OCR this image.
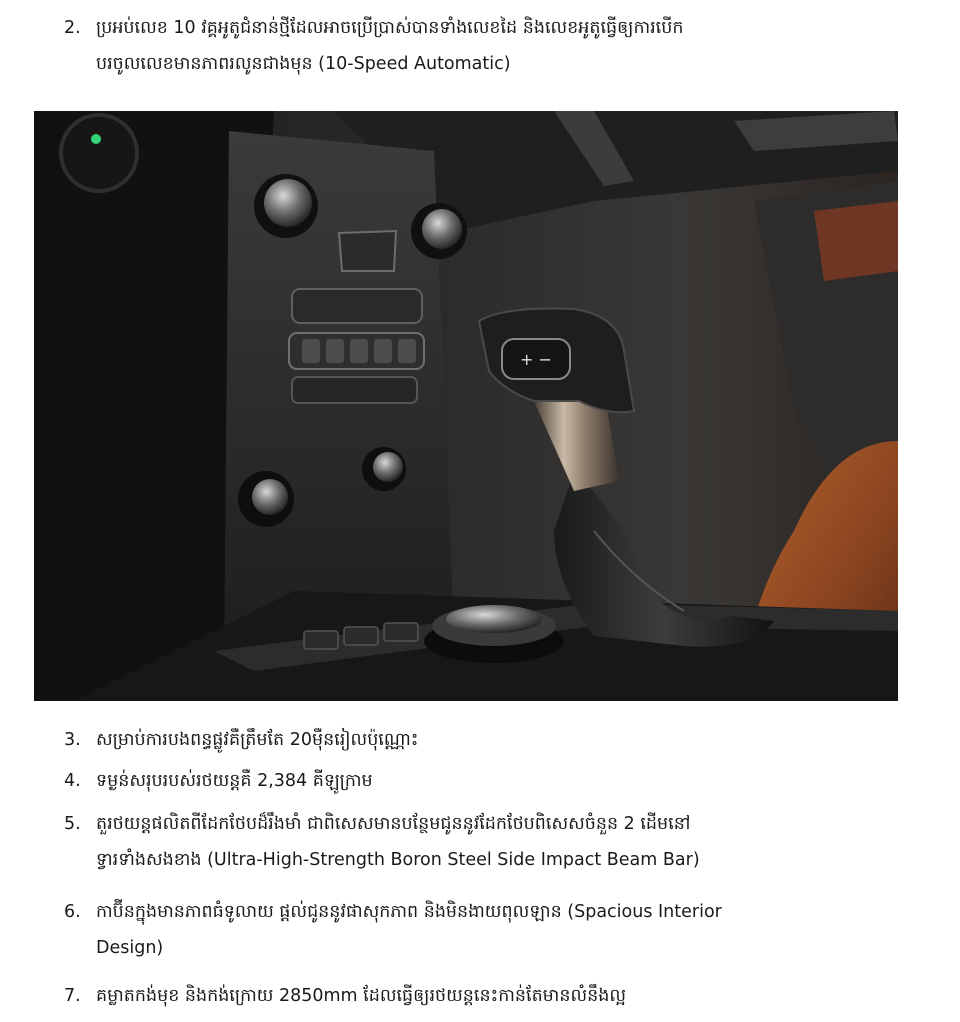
2. ប្រអប់លេខ 10 វគ្គអូតូជំនាន់ថ្មីដែលអាចប្រើប្រាស់បានទាំងលេខដៃ និងលេខអូតូធ្វើឲ្យការបើក
បរចូលលេខមានភាពរលូនជាងមុន (10-Speed Automatic)
+ −
3. សម្រាប់ការបងពន្ធផ្លូវគឺត្រឹមតែ 20ម៉ឺនរៀលប៉ុណ្ណោះ
4. ទម្ងន់សរុបរបស់រថយន្តគឺ 2,384 គីឡូក្រាម
5. តួរថយន្តផលិតពីដែកថែបដ៏រឹងមាំ ជាពិសេសមានបន្ថែមជូននូវដែកថែបពិសេសចំនួន 2 ដើមនៅ
ទ្វារទាំងសងខាង (Ultra-High-Strength Boron Steel Side Impact Beam Bar)
6. កាប៊ីនក្នុងមានភាពធំទូលាយ ផ្តល់ជូននូវផាសុកភាព និងមិនងាយពុលឡាន (Spacious Interior
Design)
7. គម្លាតកង់មុខ និងកង់ក្រោយ 2850mm ដែលធ្វើឲ្យរថយន្តនេះកាន់តែមានលំនឹងល្អ
